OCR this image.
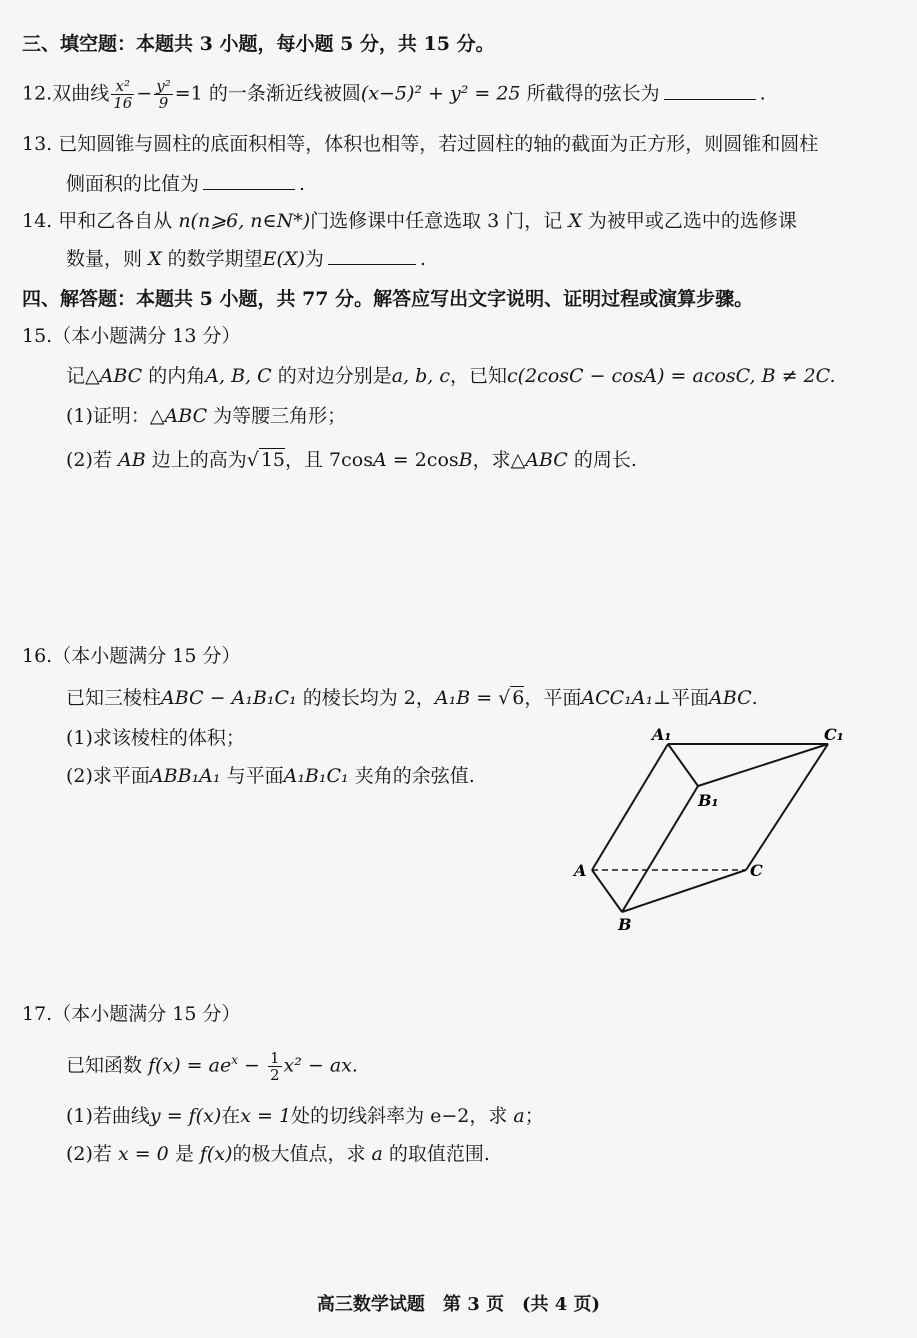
三、填空题：本题共 3 小题，每小题 5 分，共 15 分。
12.双曲线 $\frac{\text{x²}}{16} - \frac{\text{y²}}{9} =1$ 的一条渐近线被圆(x−5)² + y² = 25 所截得的弦长为	.
13. 已知圆锥与圆柱的底面积相等，体积也相等，若过圆柱的轴的截面为正方形，则圆锥和圆柱
侧面积的比值为	.
14. 甲和乙各自从 n(n⩾6, n∈N*)门选修课中任意选取 3 门，记 X 为被甲或乙选中的选修课
数量，则 X 的数学期望E(X)为	.
四、解答题：本题共 5 小题，共 77 分。解答应写出文字说明、证明过程或演算步骤。
15.（本小题满分 13 分）
记△ABC 的内角A, B, C 的对边分别是a, b, c，已知c(2cosC − cosA) = acosC, B ≠ 2C.
(1)证明：△ABC 为等腰三角形；
(2)若 AB 边上的高为√ 15，且 7cosA = 2cosB，求△ABC 的周长.
16.（本小题满分 15 分）
已知三棱柱ABC − A₁B₁C₁ 的棱长均为 2，A₁B = √ 6，平面ACC₁A₁⊥平面ABC.
(1)求该棱柱的体积；
(2)求平面ABB₁A₁ 与平面A₁B₁C₁ 夹角的余弦值.
A₁	C₁
B₁
A	C
B
17.（本小题满分 15 分）
已知函数 $f(x) = ae^x - \frac{1}{2} x^2$ − ax.
(1)若曲线y = f(x)在x = 1处的切线斜率为 e−2，求 a；
(2)若 x = 0 是 f(x)的极大值点，求 a 的取值范围.
高三数学试题　第 3 页　(共 4 页)
